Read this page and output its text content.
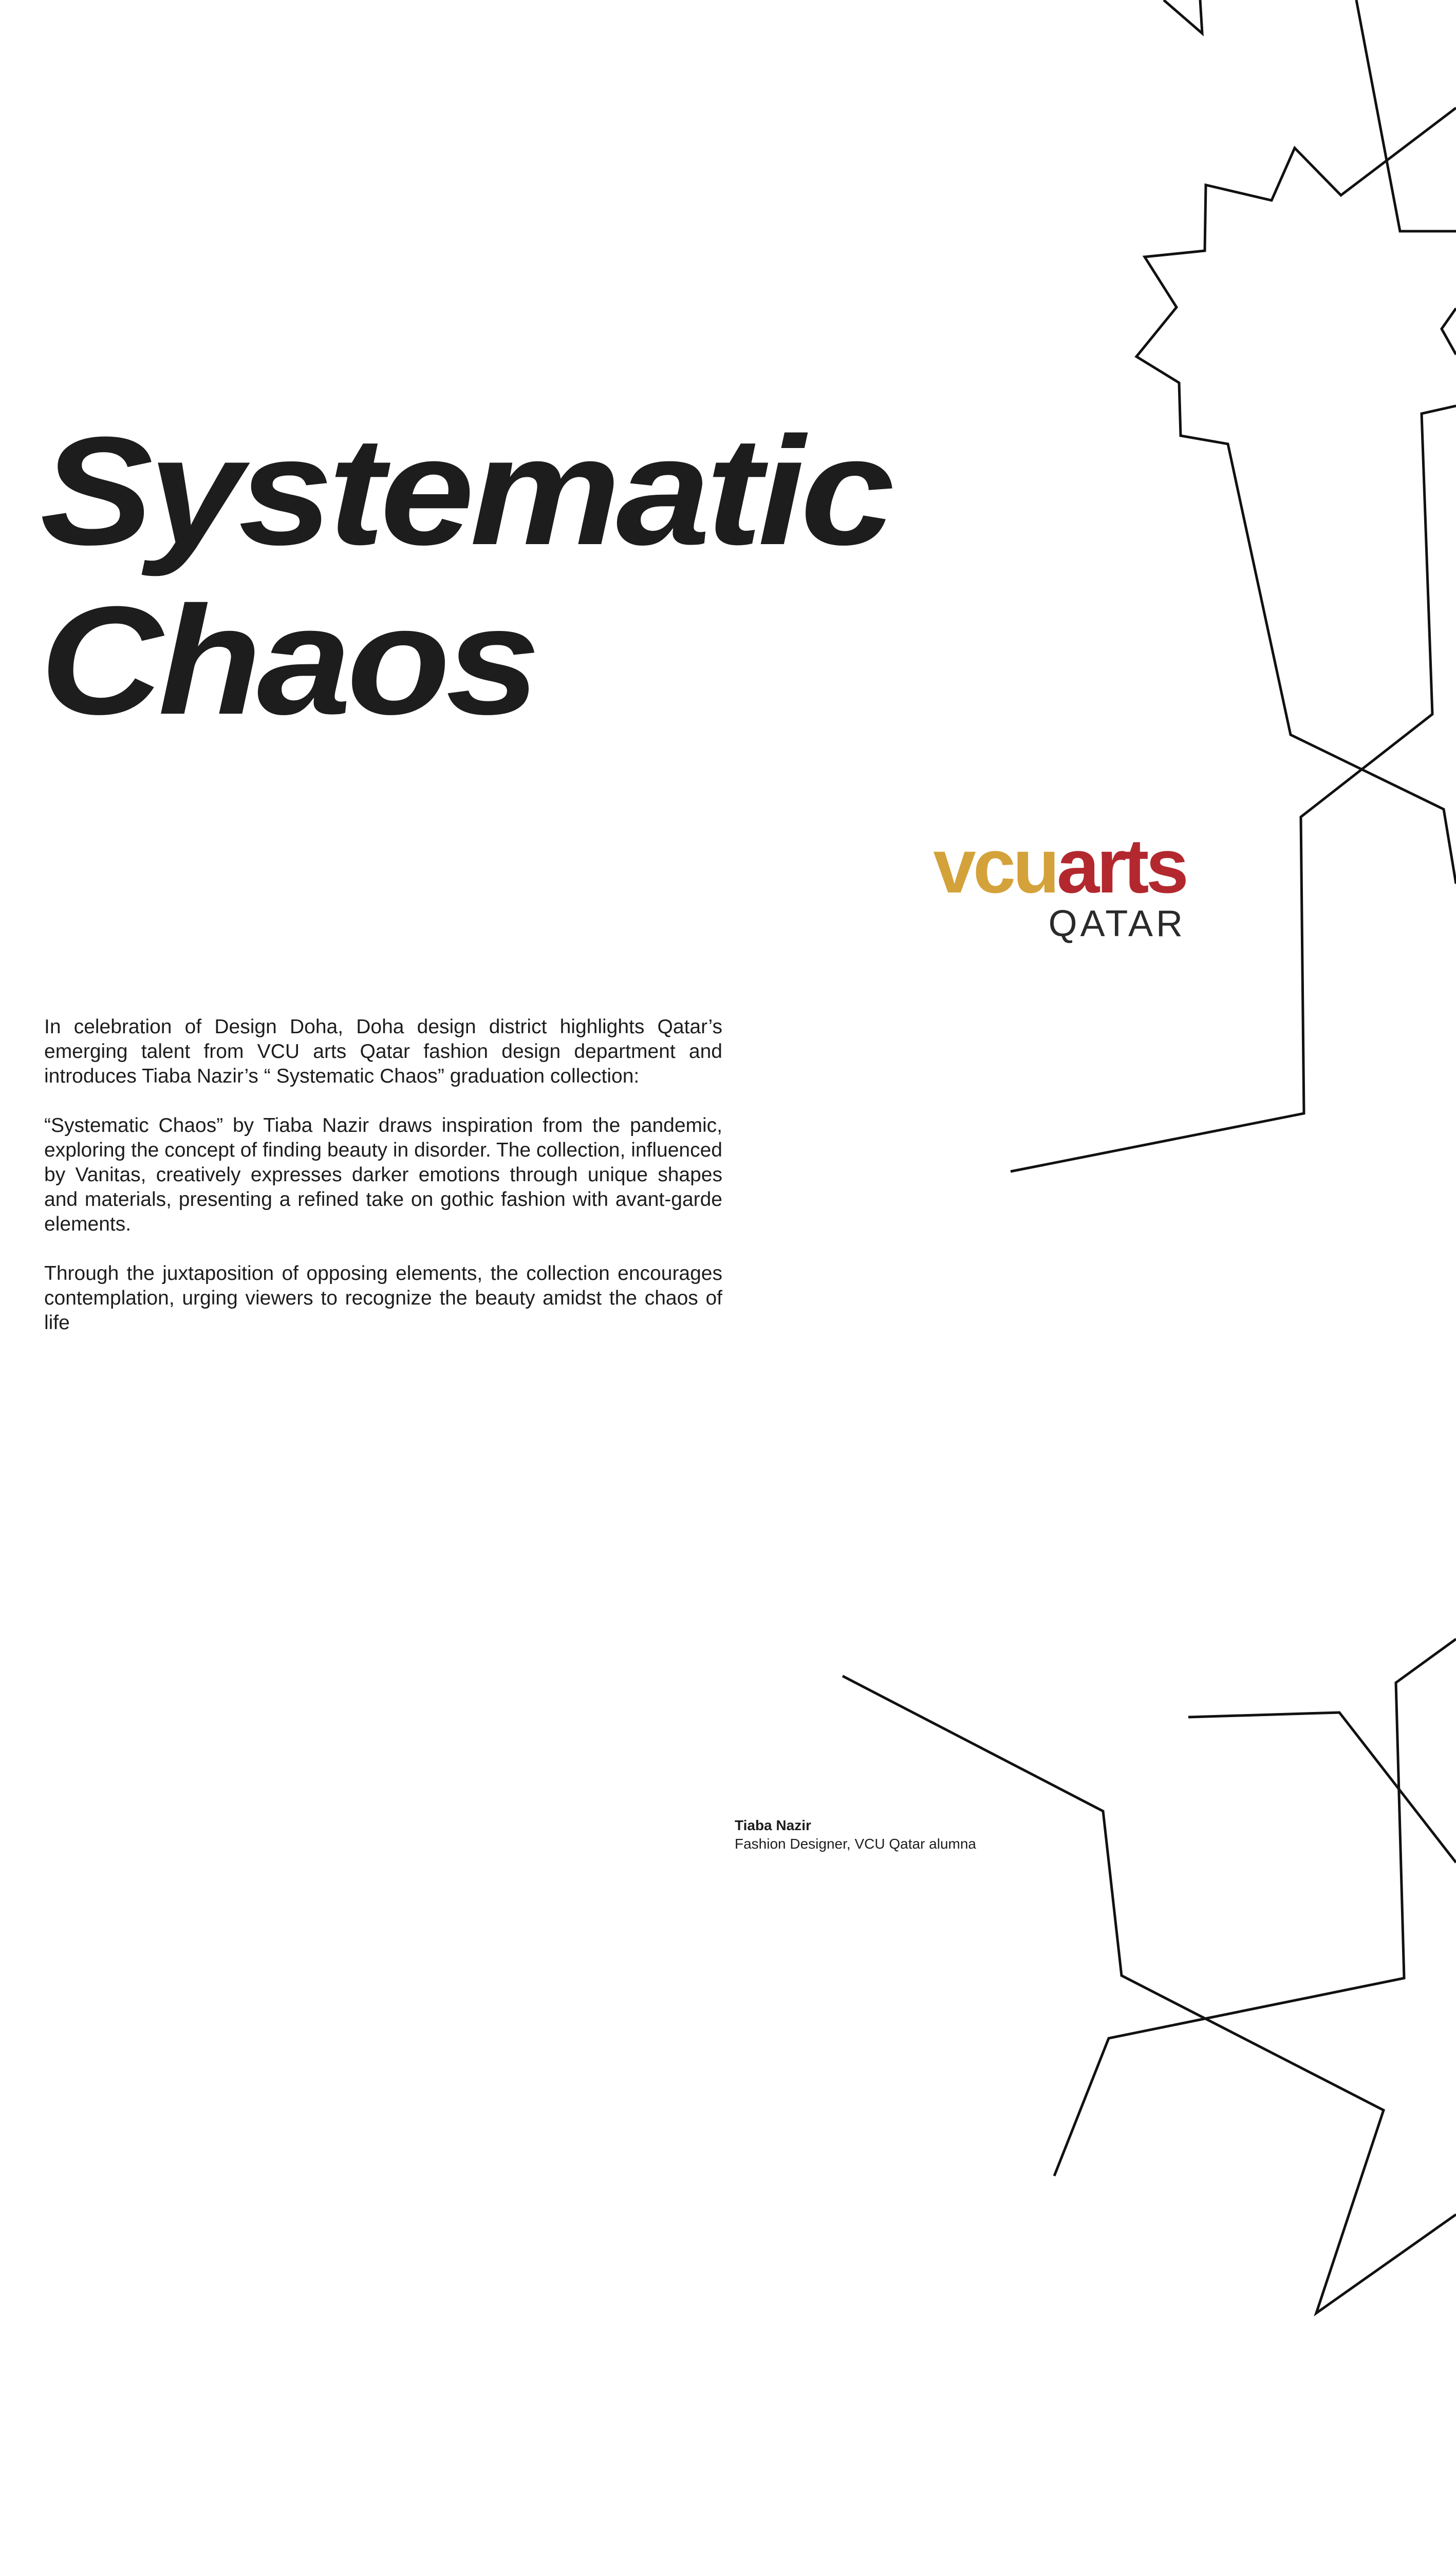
Systematic
Chaos
vcuarts
QATAR

In celebration of Design Doha, Doha design district highlights Qatar’s emerging talent from VCU arts Qatar fashion design department and introduces Tiaba Nazir’s “ Systematic Chaos” graduation collection:

“Systematic Chaos” by Tiaba Nazir draws inspiration from the pandemic, exploring the concept of finding beauty in disorder. The collection, influenced by Vanitas, creatively expresses darker emotions through unique shapes and materials, presenting a refined take on gothic fashion with avant-garde elements.

Through the juxtaposition of opposing elements, the collection encourages contemplation, urging viewers to recognize the beauty amidst the chaos of life

Tiaba Nazir
Fashion Designer, VCU Qatar alumna
